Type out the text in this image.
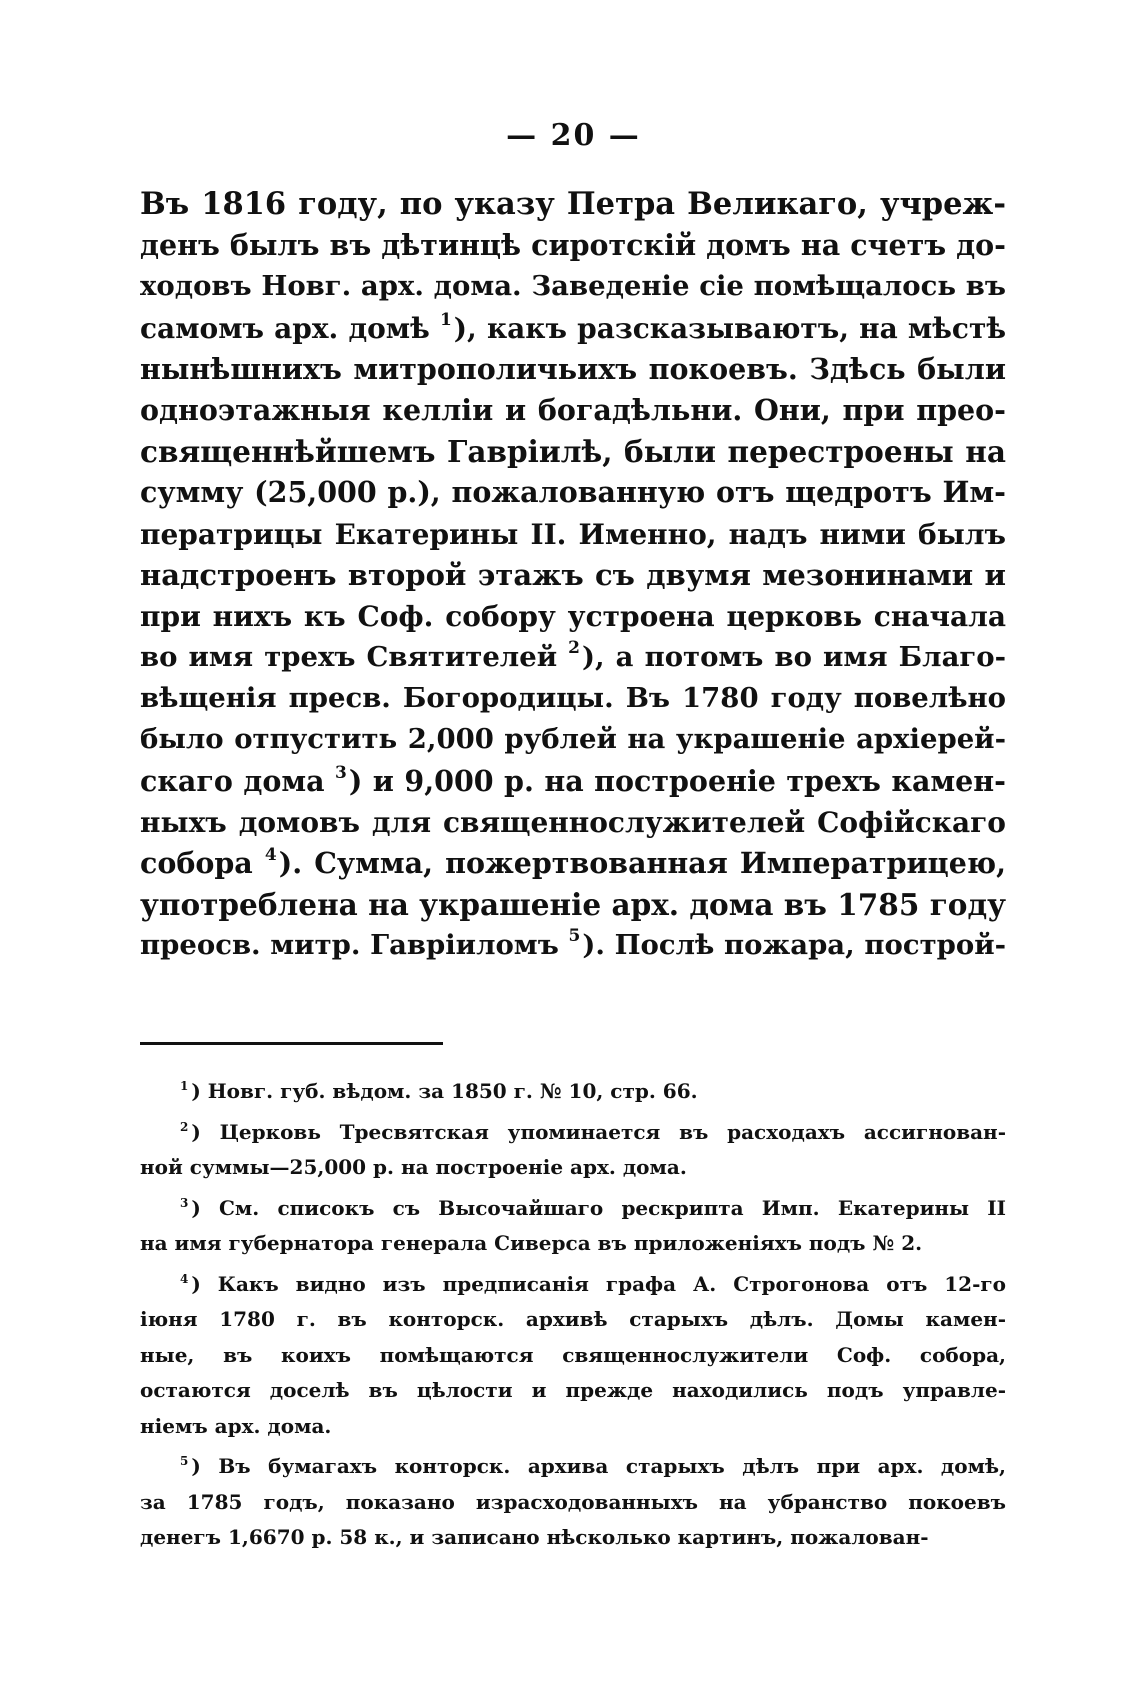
— 20 —
Въ 1816 году, по указу Петра Великаго, учреж-
денъ былъ въ дѣтинцѣ сиротскій домъ на счетъ до-
ходовъ Новг. арх. дома. Заведеніе сіе помѣщалось въ
самомъ арх. домѣ $^1$), какъ разсказываютъ, на мѣстѣ
нынѣшнихъ митрополичьихъ покоевъ. Здѣсь были
одноэтажныя келліи и богадѣльни. Они, при прео-
священнѣйшемъ Гавріилѣ, были перестроены на
сумму (25,000 р.), пожалованную отъ щедротъ Им-
ператрицы Екатерины II. Именно, надъ ними былъ
надстроенъ второй этажъ съ двумя мезонинами и
при нихъ къ Соф. собору устроена церковь сначала
во имя трехъ Святителей $^2$), а потомъ во имя Благо-
вѣщенія пресв. Богородицы. Въ 1780 году повелѣно
было отпустить 2,000 рублей на украшеніе архіерей-
скаго дома $^3$) и 9,000 р. на построеніе трехъ камен-
ныхъ домовъ для священнослужителей Софійскаго
собора $^4$). Сумма, пожертвованная Императрицею,
употреблена на украшеніе арх. дома въ 1785 году
преосв. митр. Гавріиломъ $^5$). Послѣ пожара, построй-
$^1$ ) Новг. губ. вѣдом. за 1850 г. № 10, стр. 66.
$^2$ ) Церковь Тресвятская упоминается въ расходахъ ассигнован-
ной суммы—25,000 р. на построеніе арх. дома.
$^3$ ) См. списокъ съ Высочайшаго рескрипта Имп. Екатерины II
на имя губернатора генерала Сиверса въ приложеніяхъ подъ № 2.
$^4$ ) Какъ видно изъ предписанія графа А. Строгонова отъ 12-го
іюня 1780 г. въ конторск. архивѣ старыхъ дѣлъ. Домы камен-
ные, въ коихъ помѣщаются священнослужители Соф. собора,
остаются доселѣ въ цѣлости и прежде находились подъ управле-
ніемъ арх. дома.
$^5$ ) Въ бумагахъ конторск. архива старыхъ дѣлъ при арх. домѣ,
за 1785 годъ, показано израсходованныхъ на убранство покоевъ
денегъ 1,6670 р. 58 к., и записано нѣсколько картинъ, пожалован-
